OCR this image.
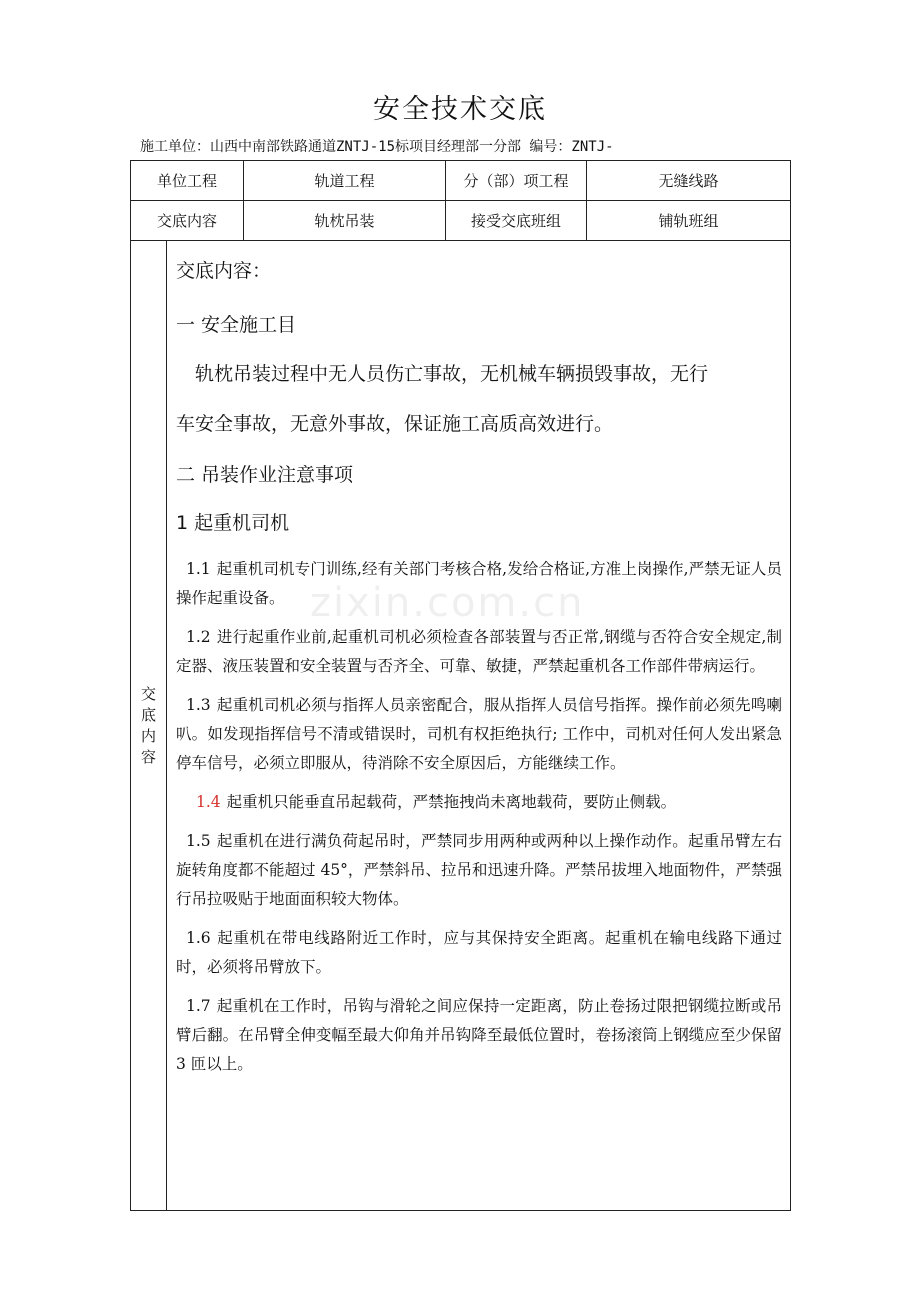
安全技术交底
施工单位：山西中南部铁路通道ZNTJ-15标项目经理部一分部 编号：ZNTJ-
单位工程	轨道工程	分（部）项工程	无缝线路
交底内容	轨枕吊装	接受交底班组	铺轨班组

交
底
内
容

交底内容：
一 安全施工目
轨枕吊装过程中无人员伤亡事故，无机械车辆损毁事故，无行
车安全事故，无意外事故，保证施工高质高效进行。
二 吊装作业注意事项
1 起重机司机
1.1 起重机司机专门训练,经有关部门考核合格,发给合格证,方准上岗操作,严禁无证人员操作起重设备。
1.2 进行起重作业前,起重机司机必须检查各部装置与否正常,钢缆与否符合安全规定,制定器、液压装置和安全装置与否齐全、可靠、敏捷，严禁起重机各工作部件带病运行。
1.3 起重机司机必须与指挥人员亲密配合，服从指挥人员信号指挥。操作前必须先鸣喇叭。如发现指挥信号不清或错误时，司机有权拒绝执行; 工作中，司机对任何人发出紧急停车信号，必须立即服从，待消除不安全原因后，方能继续工作。
1.4 起重机只能垂直吊起载荷，严禁拖拽尚未离地载荷，要防止侧载。
1.5 起重机在进行满负荷起吊时，严禁同步用两种或两种以上操作动作。起重吊臂左右旋转角度都不能超过 45°，严禁斜吊、拉吊和迅速升降。严禁吊拔埋入地面物件，严禁强行吊拉吸贴于地面面积较大物体。
1.6 起重机在带电线路附近工作时，应与其保持安全距离。起重机在输电线路下通过时，必须将吊臂放下。
1.7 起重机在工作时，吊钩与滑轮之间应保持一定距离，防止卷扬过限把钢缆拉断或吊臂后翻。在吊臂全伸变幅至最大仰角并吊钩降至最低位置时，卷扬滚筒上钢缆应至少保留 3 匝以上。
zixin.com.cn
